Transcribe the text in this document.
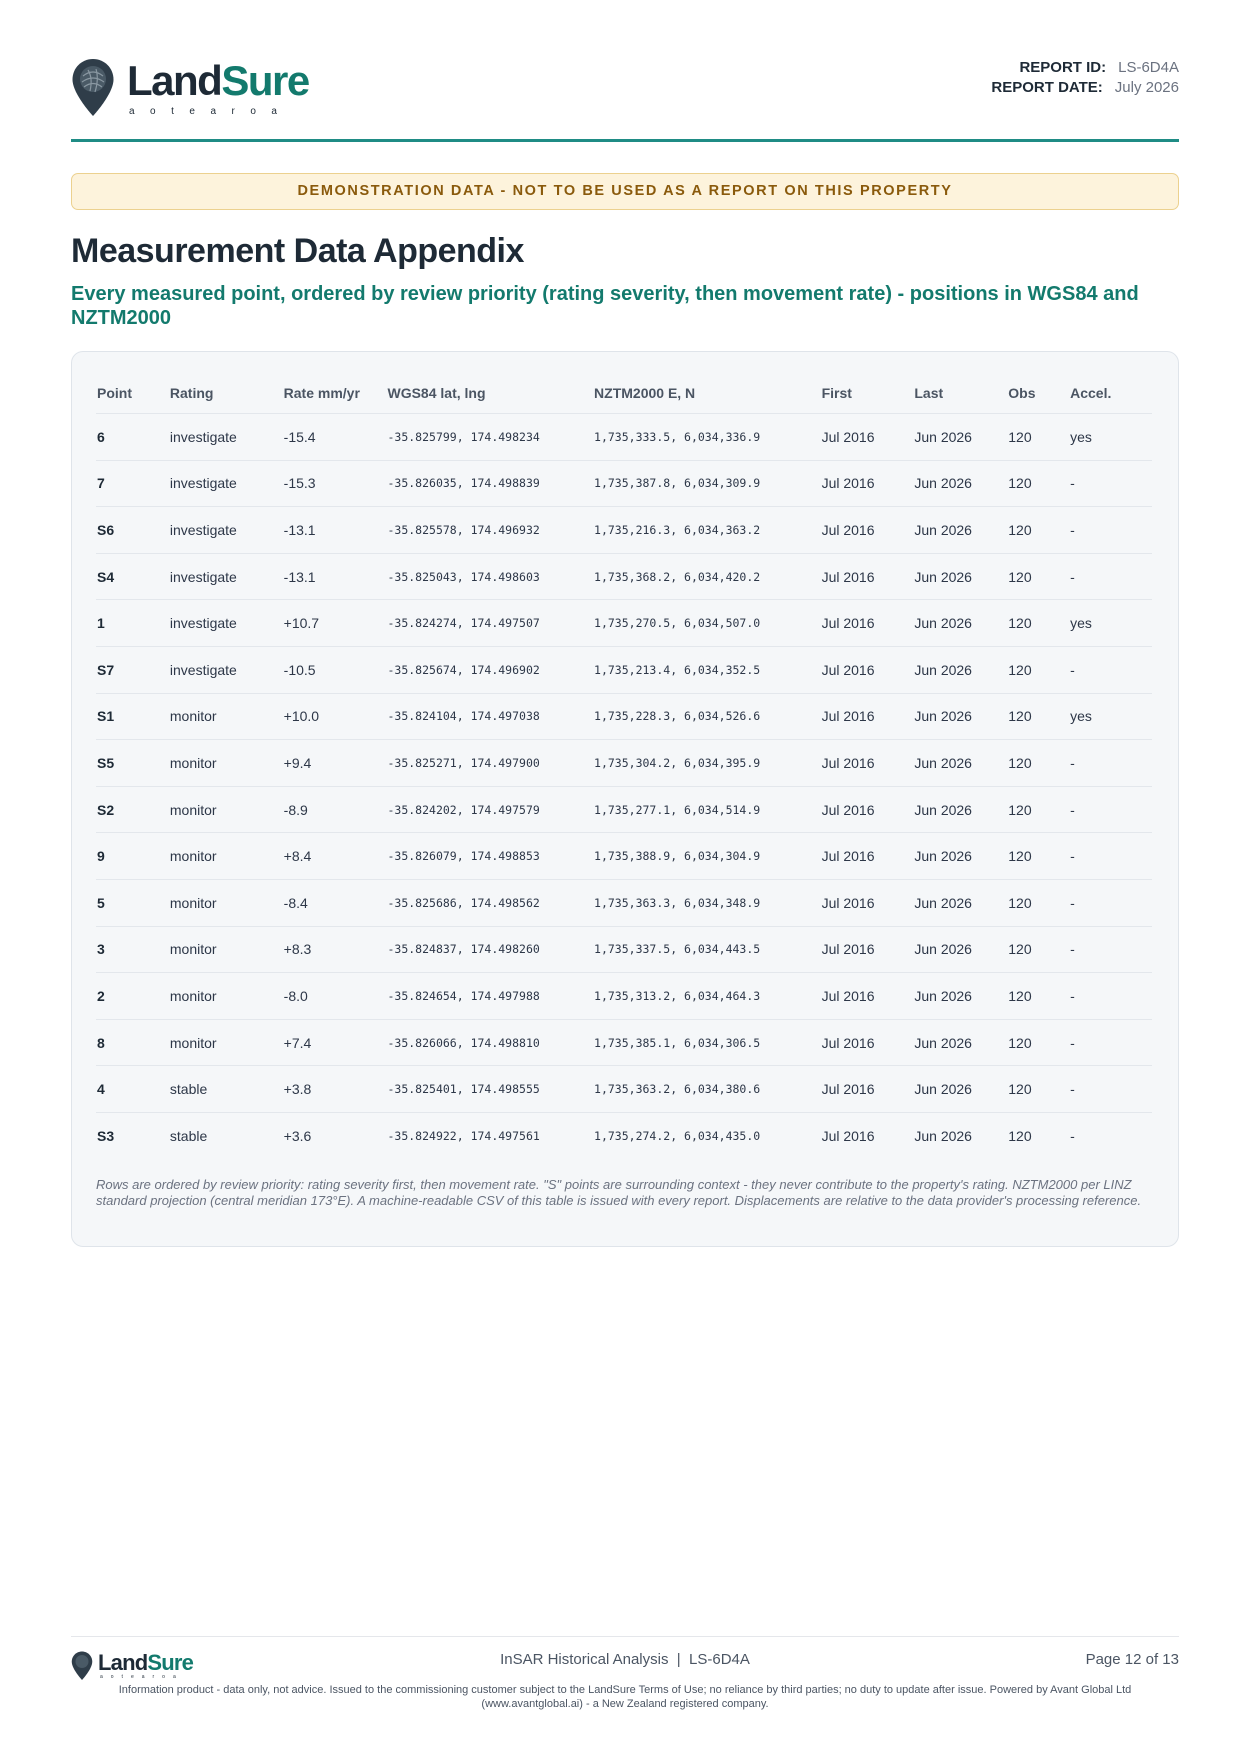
LandSure
aotearoa
REPORT ID: LS-6D4A
REPORT DATE: July 2026
DEMONSTRATION DATA - NOT TO BE USED AS A REPORT ON THIS PROPERTY
Measurement Data Appendix
Every measured point, ordered by review priority (rating severity, then movement rate) - positions in WGS84 and NZTM2000
Point	Rating	Rate mm/yr	WGS84 lat, lng	NZTM2000 E, N	First	Last	Obs	Accel.
6	investigate	-15.4	-35.825799, 174.498234	1,735,333.5, 6,034,336.9	Jul 2016	Jun 2026	120	yes
7	investigate	-15.3	-35.826035, 174.498839	1,735,387.8, 6,034,309.9	Jul 2016	Jun 2026	120	-
S6	investigate	-13.1	-35.825578, 174.496932	1,735,216.3, 6,034,363.2	Jul 2016	Jun 2026	120	-
S4	investigate	-13.1	-35.825043, 174.498603	1,735,368.2, 6,034,420.2	Jul 2016	Jun 2026	120	-
1	investigate	+10.7	-35.824274, 174.497507	1,735,270.5, 6,034,507.0	Jul 2016	Jun 2026	120	yes
S7	investigate	-10.5	-35.825674, 174.496902	1,735,213.4, 6,034,352.5	Jul 2016	Jun 2026	120	-
S1	monitor	+10.0	-35.824104, 174.497038	1,735,228.3, 6,034,526.6	Jul 2016	Jun 2026	120	yes
S5	monitor	+9.4	-35.825271, 174.497900	1,735,304.2, 6,034,395.9	Jul 2016	Jun 2026	120	-
S2	monitor	-8.9	-35.824202, 174.497579	1,735,277.1, 6,034,514.9	Jul 2016	Jun 2026	120	-
9	monitor	+8.4	-35.826079, 174.498853	1,735,388.9, 6,034,304.9	Jul 2016	Jun 2026	120	-
5	monitor	-8.4	-35.825686, 174.498562	1,735,363.3, 6,034,348.9	Jul 2016	Jun 2026	120	-
3	monitor	+8.3	-35.824837, 174.498260	1,735,337.5, 6,034,443.5	Jul 2016	Jun 2026	120	-
2	monitor	-8.0	-35.824654, 174.497988	1,735,313.2, 6,034,464.3	Jul 2016	Jun 2026	120	-
8	monitor	+7.4	-35.826066, 174.498810	1,735,385.1, 6,034,306.5	Jul 2016	Jun 2026	120	-
4	stable	+3.8	-35.825401, 174.498555	1,735,363.2, 6,034,380.6	Jul 2016	Jun 2026	120	-
S3	stable	+3.6	-35.824922, 174.497561	1,735,274.2, 6,034,435.0	Jul 2016	Jun 2026	120	-

Rows are ordered by review priority: rating severity first, then movement rate. "S" points are surrounding context - they never contribute to the property's rating. NZTM2000 per LINZ standard projection (central meridian 173°E). A machine-readable CSV of this table is issued with every report. Displacements are relative to the data provider's processing reference.

LandSure
aotearoa
InSAR Historical Analysis  |  LS-6D4A	Page 12 of 13
Information product - data only, not advice. Issued to the commissioning customer subject to the LandSure Terms of Use; no reliance by third parties; no duty to update after issue. Powered by Avant Global Ltd (www.avantglobal.ai) - a New Zealand registered company.
